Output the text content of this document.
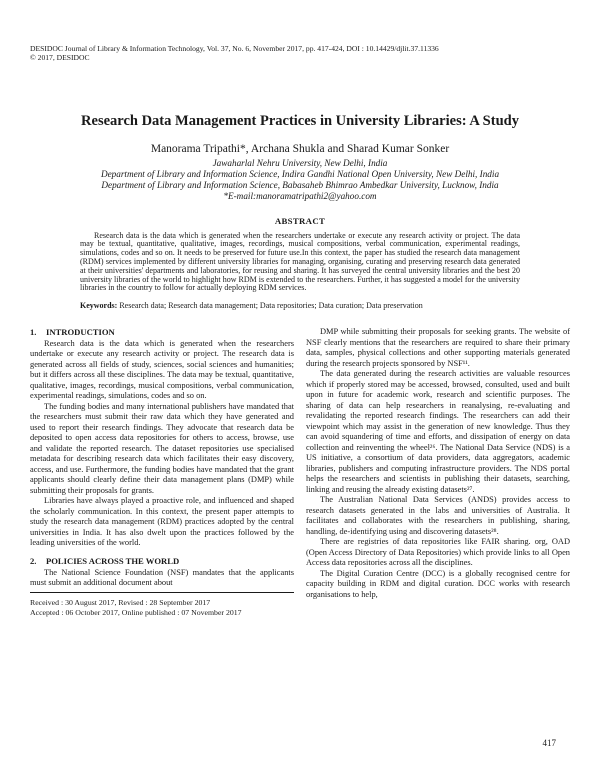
DESIDOC Journal of Library & Information Technology, Vol. 37, No. 6, November 2017, pp. 417-424, DOI : 10.14429/djlit.37.11336
© 2017, DESIDOC
Research Data Management Practices in University Libraries: A Study
Manorama Tripathi*, Archana Shukla and Sharad Kumar Sonker
Jawaharlal Nehru University, New Delhi, India
Department of Library and Information Science, Indira Gandhi National Open University, New Delhi, India
Department of Library and Information Science, Babasaheb Bhimrao Ambedkar University, Lucknow, India
*E-mail:manoramatripathi2@yahoo.com
ABSTRACT
Research data is the data which is generated when the researchers undertake or execute any research activity or project. The data may be textual, quantitative, qualitative, images, recordings, musical compositions, verbal communication, experimental readings, simulations, codes and so on. It needs to be preserved for future use.In this context, the paper has studied the research data management (RDM) services implemented by different university libraries for managing, organising, curating and preserving research data generated at their universities' departments and laboratories, for reusing and sharing. It has surveyed the central university libraries and the best 20 university libraries of the world to highlight how RDM is extended to the researchers. Further, it has suggested a model for the university libraries in the country to follow for actually deploying RDM services.
Keywords: Research data; Research data management; Data repositories; Data curation; Data preservation
1. INTRODUCTION

Research data is the data which is generated when the researchers undertake or execute any research activity or project. The research data is generated across all fields of study, sciences, social sciences and humanities; but it differs across all these disciplines. The data may be textual, quantitative, qualitative, images, recordings, musical compositions, verbal communication, experimental readings, simulations, codes and so on.

The funding bodies and many international publishers have mandated that the researchers must submit their raw data which they have generated and used to report their research findings. They advocate that research data be deposited to open access data repositories for others to access, browse, use and validate the reported research. The dataset repositories use specialised metadata for describing research data which facilitates their easy discovery, access, and use. Furthermore, the funding bodies have mandated that the grant applicants should clearly define their data management plans (DMP) while submitting their proposals for grants.

Libraries have always played a proactive role, and influenced and shaped the scholarly communication. In this context, the present paper attempts to study the research data management (RDM) practices adopted by the central universities in India. It has also dwelt upon the practices followed by the leading universities of the world.

2. POLICIES ACROSS THE WORLD

The National Science Foundation (NSF) mandates that the applicants must submit an additional document about

Received : 30 August 2017, Revised : 28 September 2017
Accepted : 06 October 2017, Online published : 07 November 2017

DMP while submitting their proposals for seeking grants. The website of NSF clearly mentions that the researchers are required to share their primary data, samples, physical collections and other supporting materials generated during the research projects sponsored by NSF¹¹.

The data generated during the research activities are valuable resources which if properly stored may be accessed, browsed, consulted, used and built upon in future for academic work, research and scientific purposes. The sharing of data can help researchers in reanalysing, re-evaluating and revalidating the reported research findings. The researchers can add their viewpoint which may assist in the generation of new knowledge. Thus they can avoid squandering of time and efforts, and dissipation of energy on data collection and reinventing the wheel²⁶. The National Data Service (NDS) is a US initiative, a consortium of data providers, data aggregators, academic libraries, publishers and computing infrastructure providers. The NDS portal helps the researchers and scientists in publishing their datasets, searching, linking and reusing the already existing datasets²⁷.

The Australian National Data Services (ANDS) provides access to research datasets generated in the labs and universities of Australia. It facilitates and collaborates with the researchers in publishing, sharing, handling, de-identifying using and discovering datasets²⁸.

There are registries of data repositories like FAIR sharing. org, OAD (Open Access Directory of Data Repositories) which provide links to all Open Access data repositories across all the disciplines.

The Digital Curation Centre (DCC) is a globally recognised centre for capacity building in RDM and digital curation. DCC works with research organisations to help,

417
